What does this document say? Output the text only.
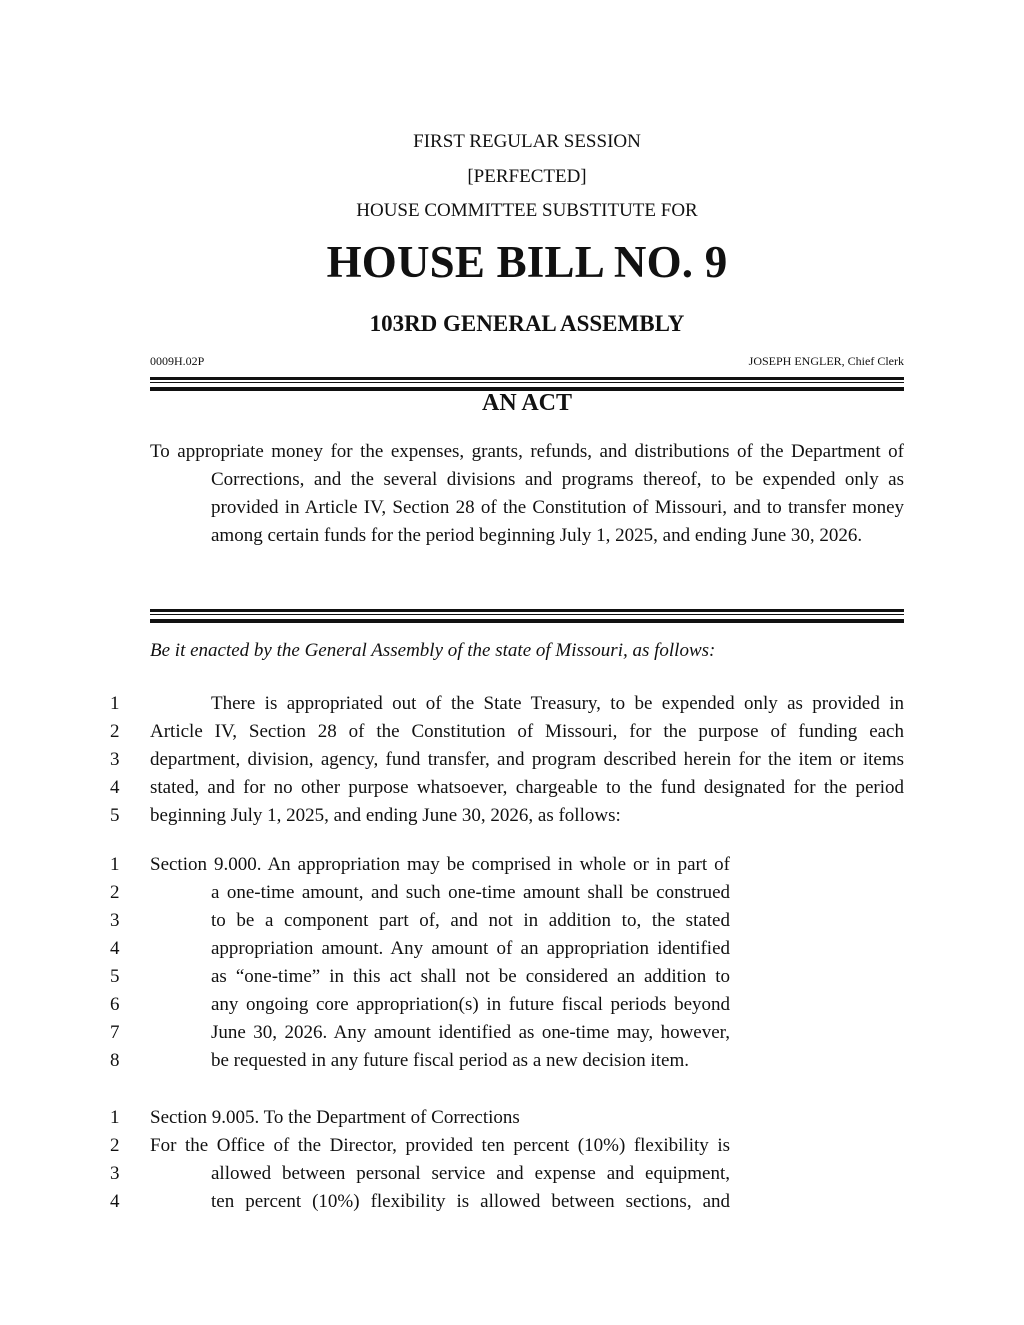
FIRST REGULAR SESSION
[PERFECTED]
HOUSE COMMITTEE SUBSTITUTE FOR
HOUSE BILL NO. 9
103RD GENERAL ASSEMBLY
0009H.02P	JOSEPH ENGLER, Chief Clerk
AN ACT
To appropriate money for the expenses, grants, refunds, and distributions of the Department of Corrections, and the several divisions and programs thereof, to be expended only as provided in Article IV, Section 28 of the Constitution of Missouri, and to transfer money among certain funds for the period beginning July 1, 2025, and ending June 30, 2026.
Be it enacted by the General Assembly of the state of Missouri, as follows:
1	There is appropriated out of the State Treasury, to be expended only as provided in
2 Article IV, Section 28 of the Constitution of Missouri, for the purpose of funding each
3 department, division, agency, fund transfer, and program described herein for the item or items
4 stated, and for no other purpose whatsoever, chargeable to the fund designated for the period
5 beginning July 1, 2025, and ending June 30, 2026, as follows:
1 Section 9.000. An appropriation may be comprised in whole or in part of
2	a one-time amount, and such one-time amount shall be construed
3	to be a component part of, and not in addition to, the stated
4	appropriation amount. Any amount of an appropriation identified
5	as “one-time” in this act shall not be considered an addition to
6	any ongoing core appropriation(s) in future fiscal periods beyond
7	June 30, 2026. Any amount identified as one-time may, however,
8	be requested in any future fiscal period as a new decision item.
1 Section 9.005. To the Department of Corrections
2 For the Office of the Director, provided ten percent (10%) flexibility is
3	allowed between personal service and expense and equipment,
4	ten percent (10%) flexibility is allowed between sections, and
